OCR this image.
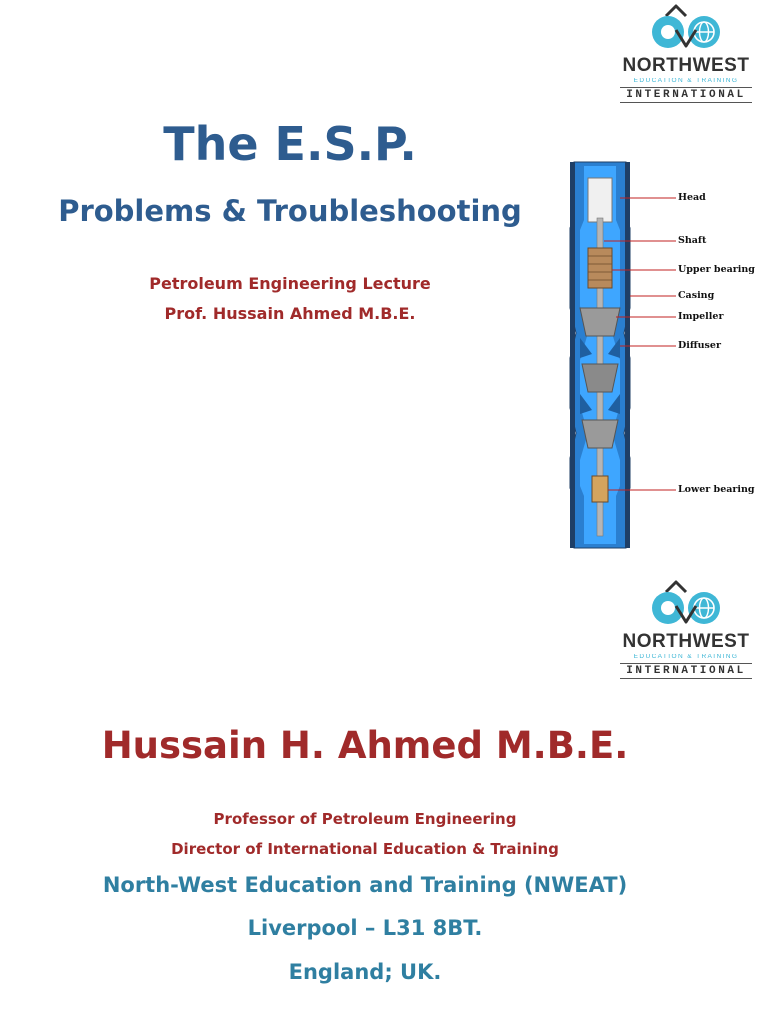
NORTHWEST
EDUCATION & TRAINING
INTERNATIONAL
The E.S.P.
Problems & Troubleshooting
Petroleum Engineering Lecture
Prof. Hussain Ahmed M.B.E.
Head
Shaft
Upper bearing
Casing
Impeller
Diffuser
Lower bearing
NORTHWEST
EDUCATION & TRAINING
INTERNATIONAL
Hussain H. Ahmed M.B.E.
Professor of Petroleum Engineering
Director of International Education & Training
North-West Education and Training (NWEAT)
Liverpool – L31 8BT.
England; UK.
